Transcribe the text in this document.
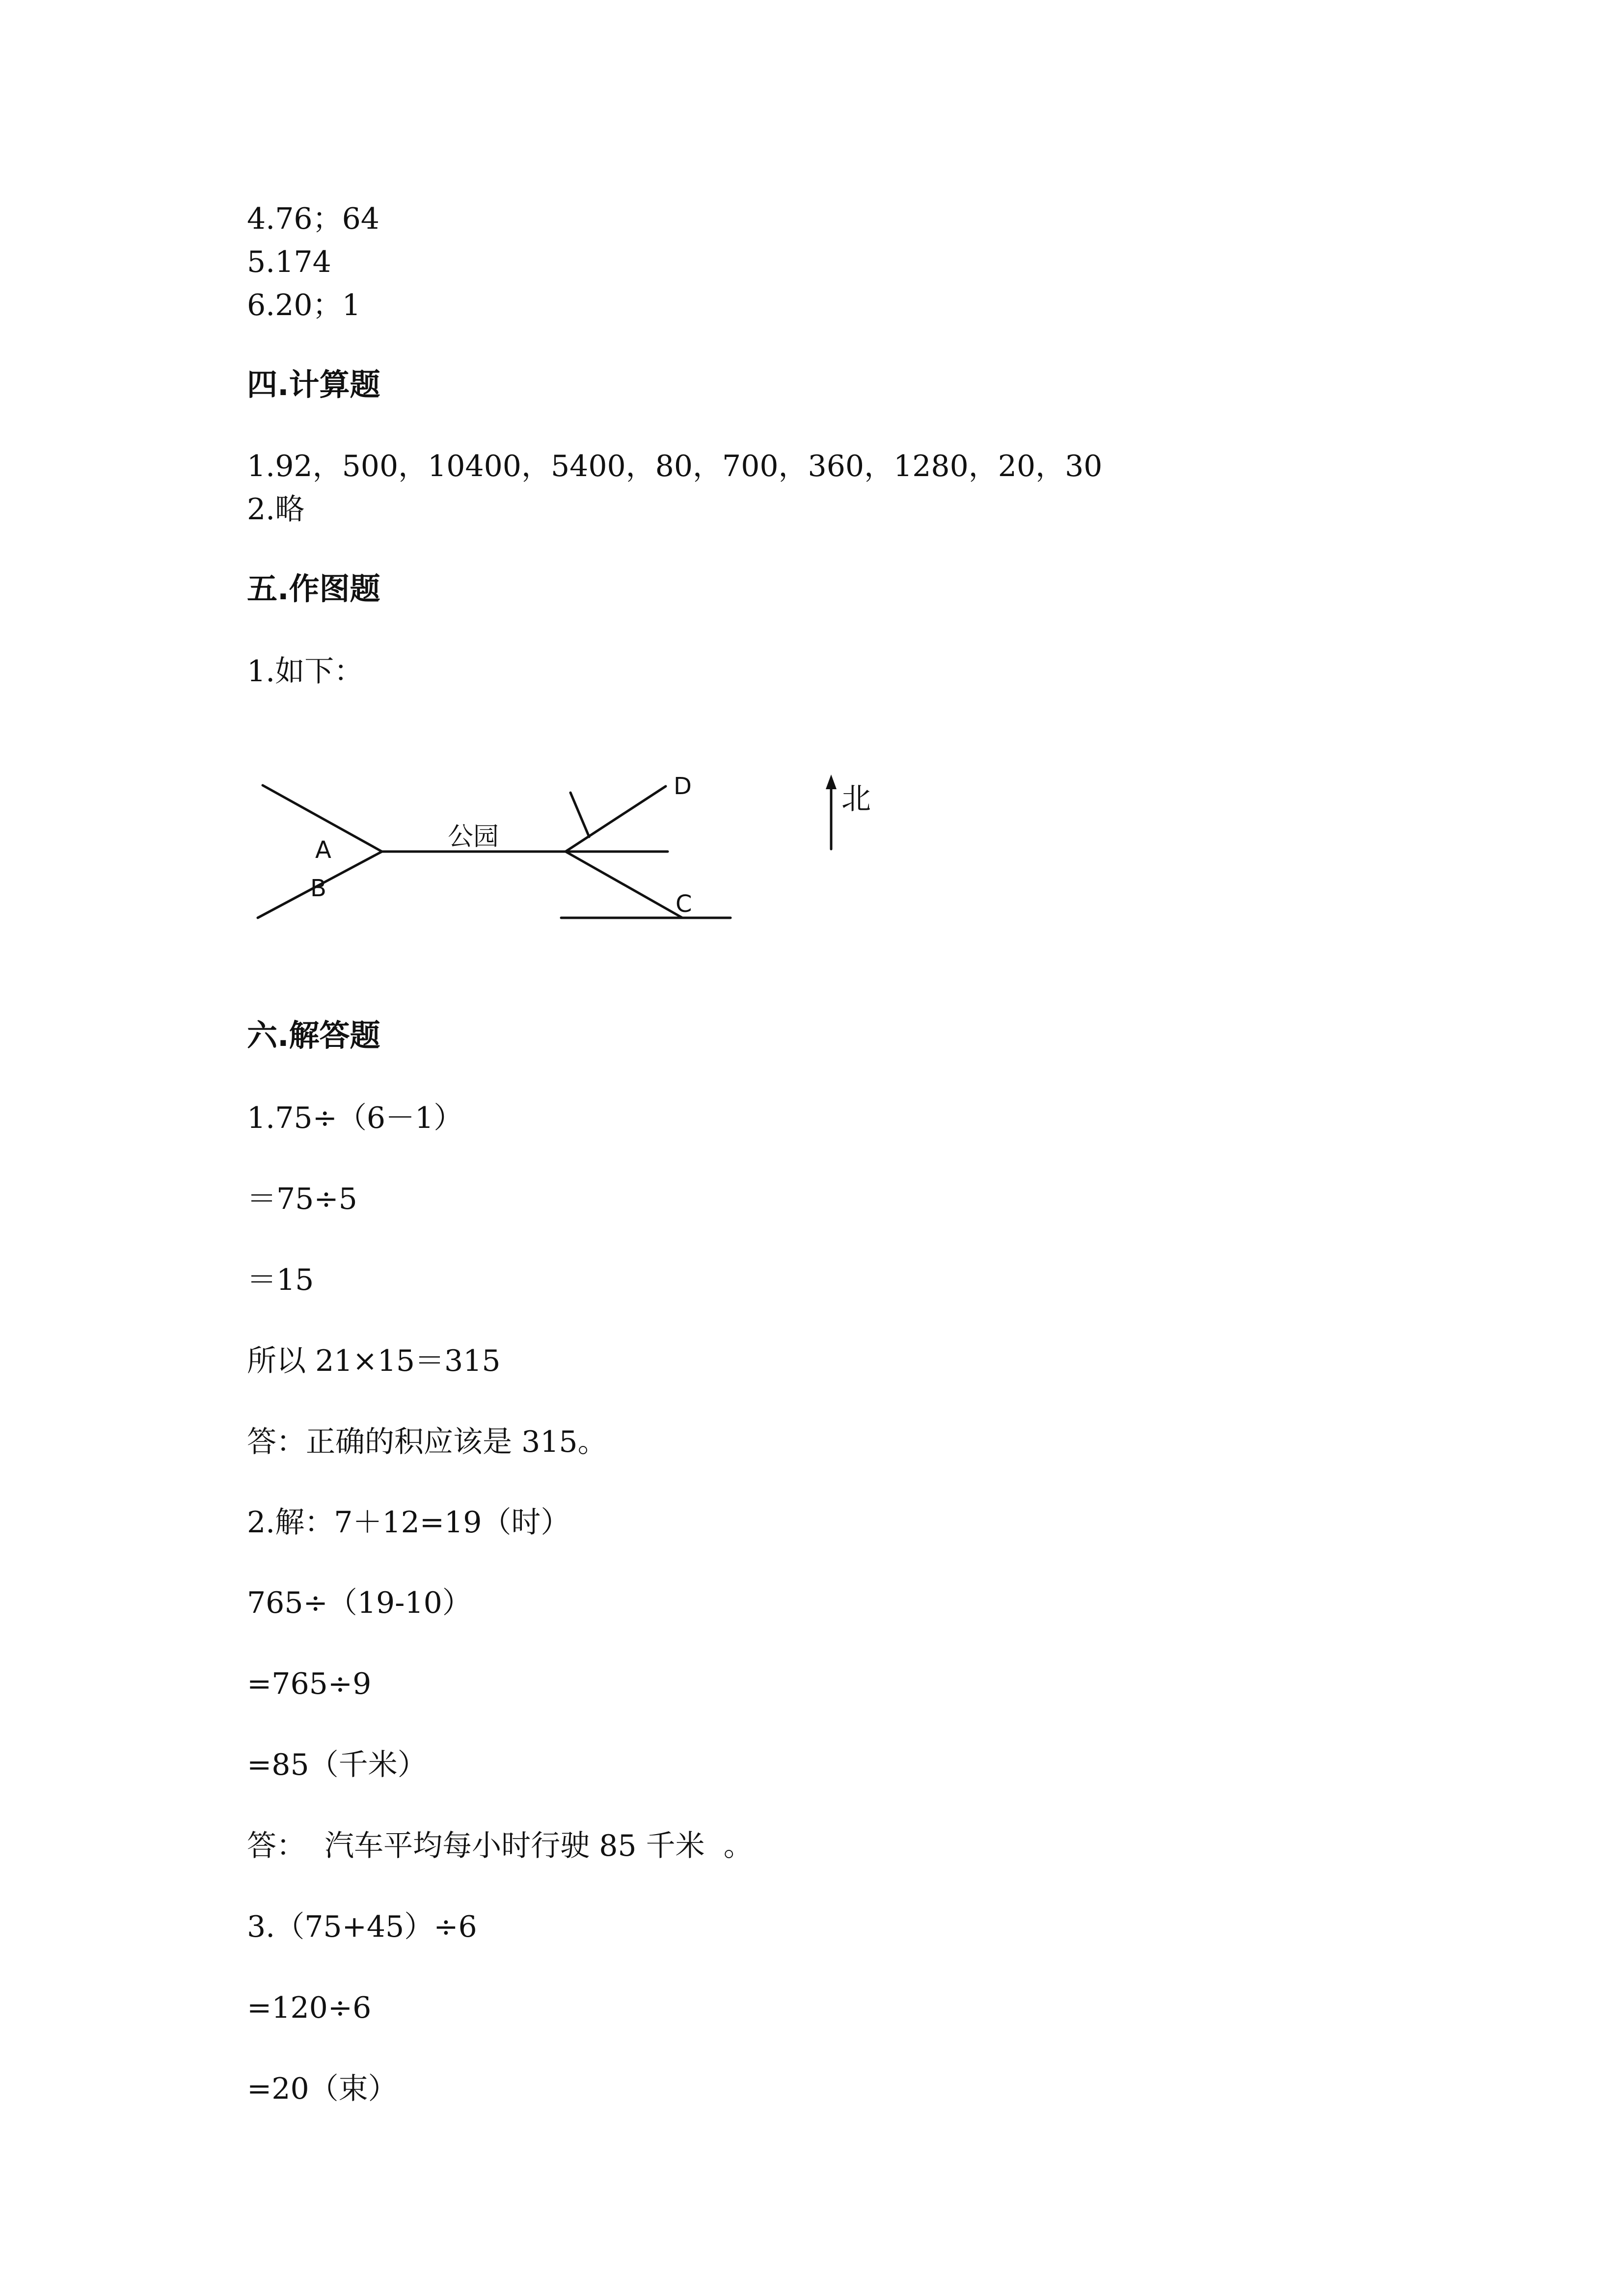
4.76；64

5.174

6.20；1

四.计算题

1.92，500，10400，5400，80，700，360，1280，20，30

2.略

五.作图题

1.如下：

B
A	公园
D
C
北
六.解答题

1.75÷（6－1）

＝75÷5

＝15

所以 21×15＝315

答：正确的积应该是 315。

2.解：7＋12=19（时）

765÷（19-10）

=765÷9

=85（千米）

答：  汽车平均每小时行驶 85 千米  。

3.（75+45）÷6

=120÷6

=20（束）
